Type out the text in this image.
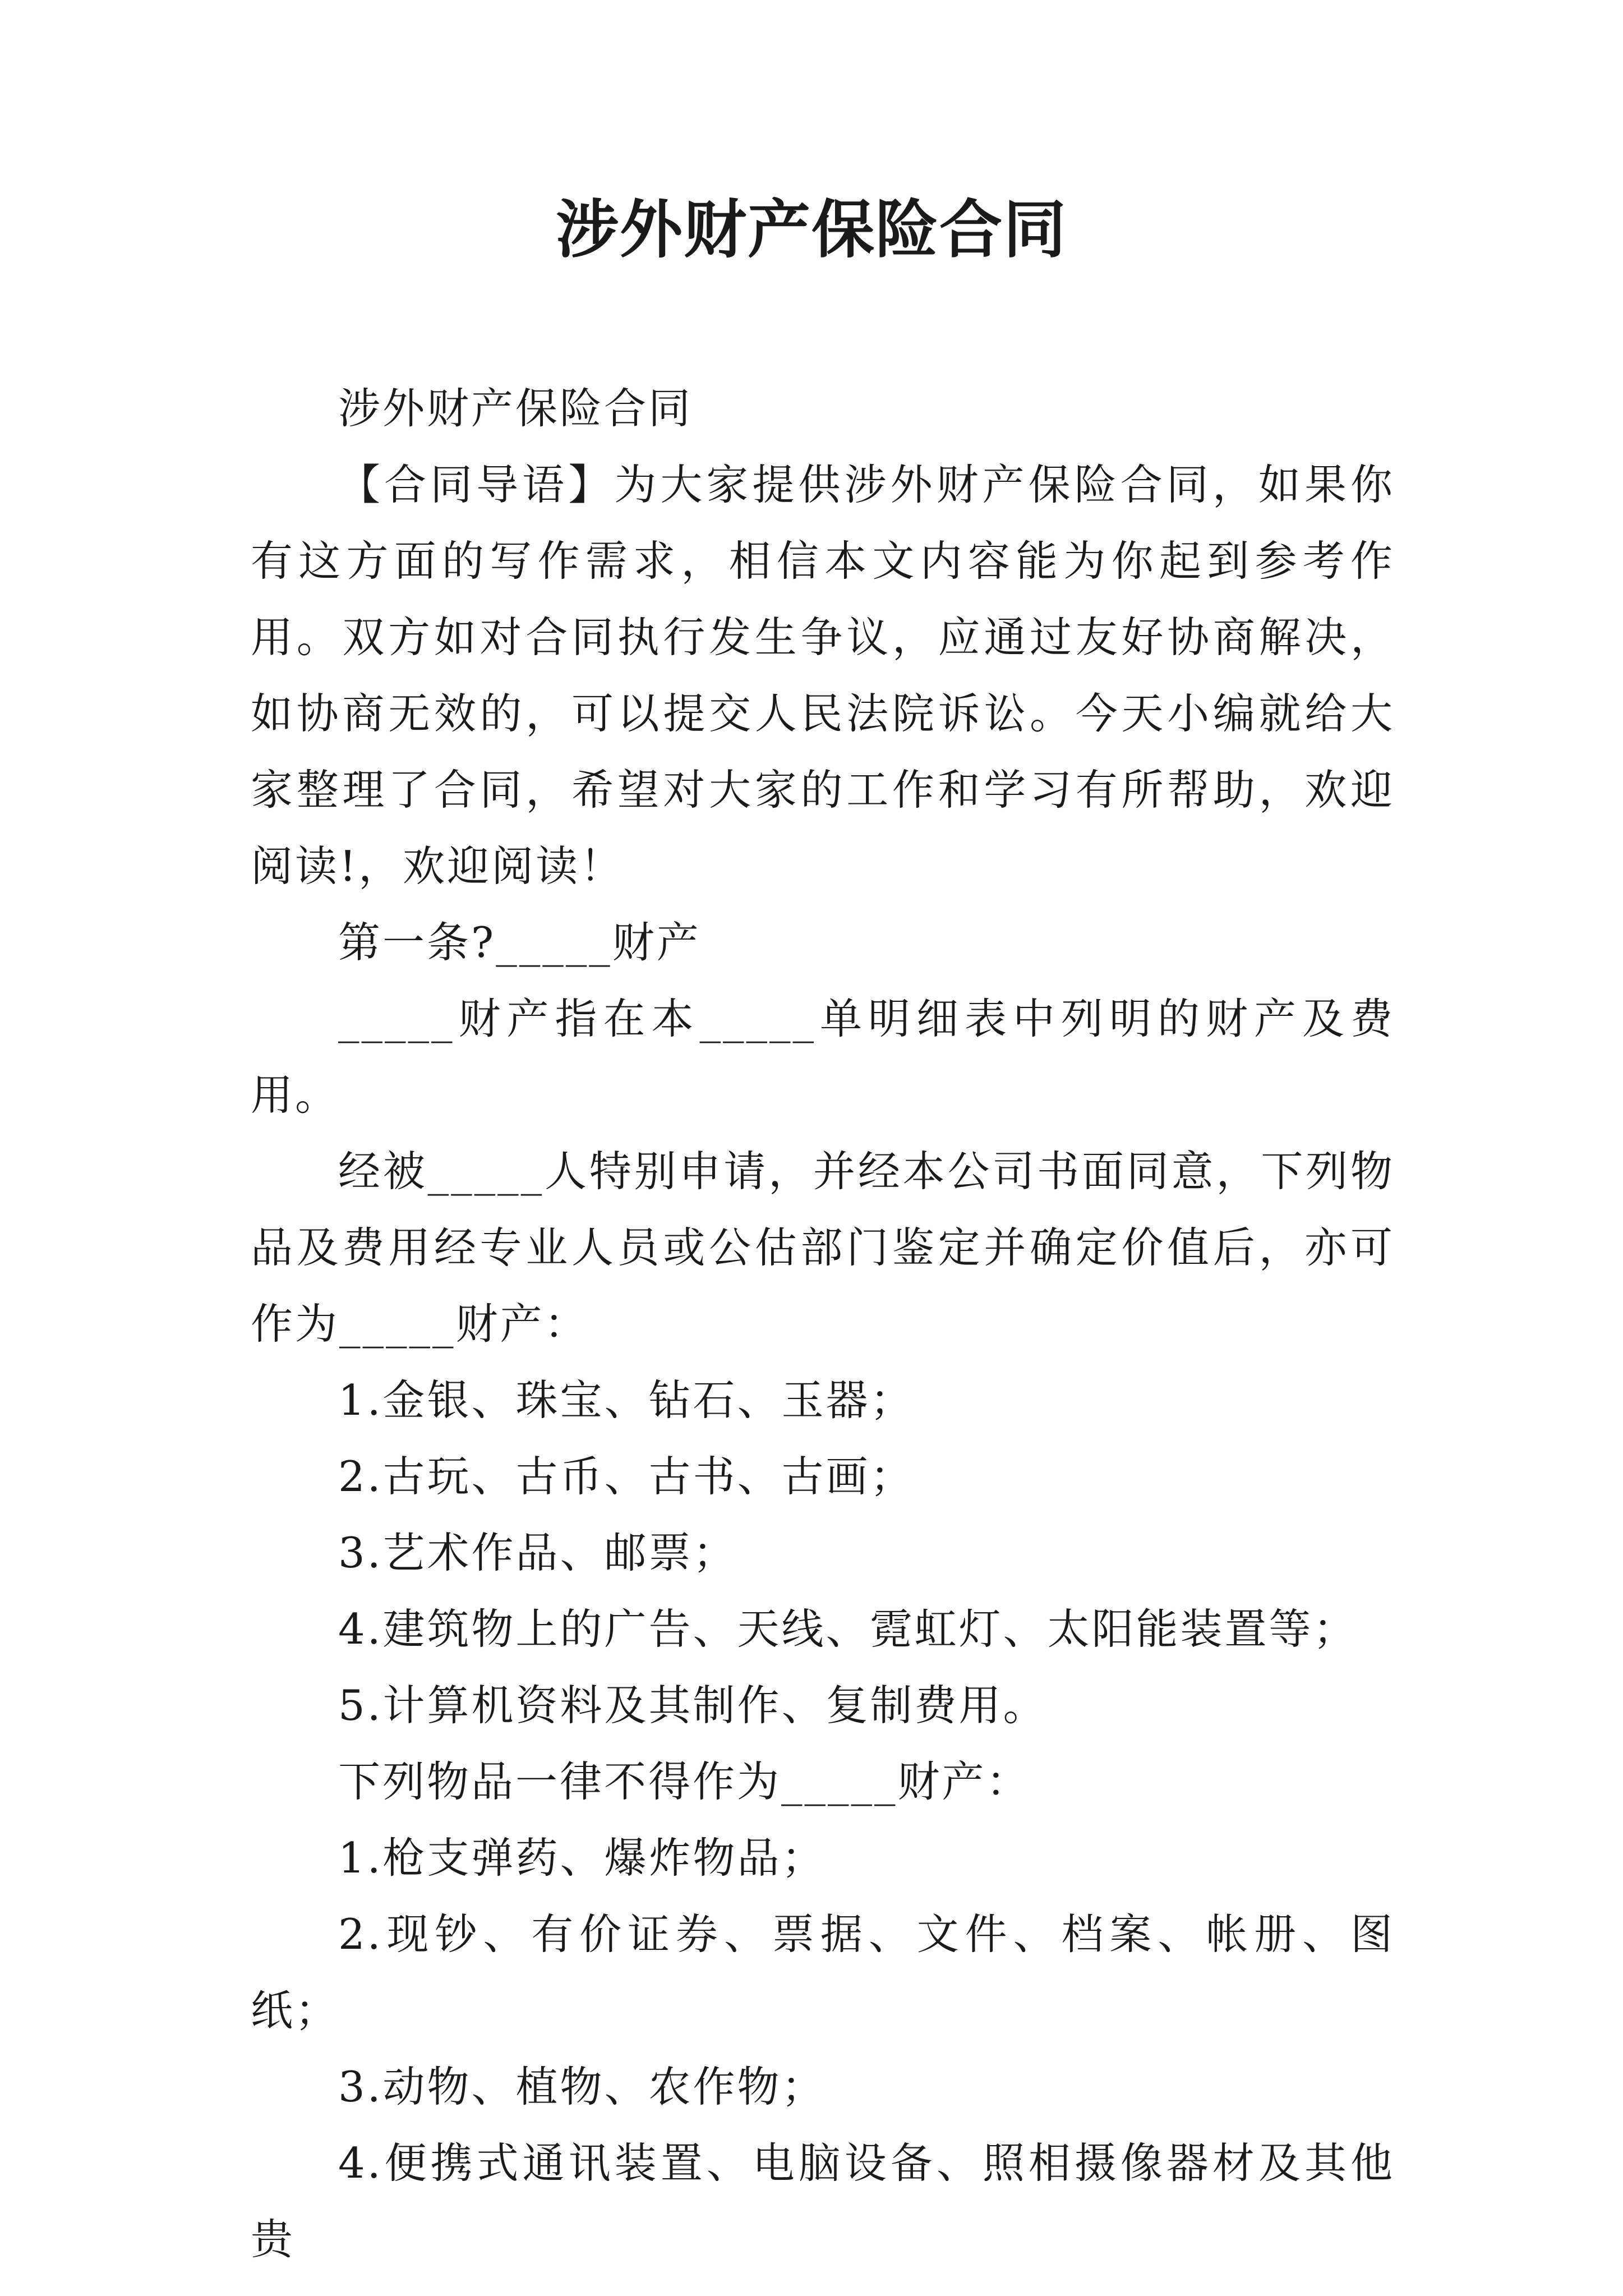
涉外财产保险合同

涉外财产保险合同

【合同导语】为大家提供涉外财产保险合同，如果你有这方面的写作需求，相信本文内容能为你起到参考作用。双方如对合同执行发生争议，应通过友好协商解决，如协商无效的，可以提交人民法院诉讼。今天小编就给大家整理了合同，希望对大家的工作和学习有所帮助，欢迎阅读!，欢迎阅读！

第一条?_____财产

_____财产指在本_____单明细表中列明的财产及费用。

经被_____人特别申请，并经本公司书面同意，下列物品及费用经专业人员或公估部门鉴定并确定价值后，亦可作为_____财产：

1.金银、珠宝、钻石、玉器；

2.古玩、古币、古书、古画；

3.艺术作品、邮票；

4.建筑物上的广告、天线、霓虹灯、太阳能装置等；

5.计算机资料及其制作、复制费用。

下列物品一律不得作为_____财产：

1.枪支弹药、爆炸物品；

2.现钞、有价证券、票据、文件、档案、帐册、图纸；

3.动物、植物、农作物；

4.便携式通讯装置、电脑设备、照相摄像器材及其他贵
